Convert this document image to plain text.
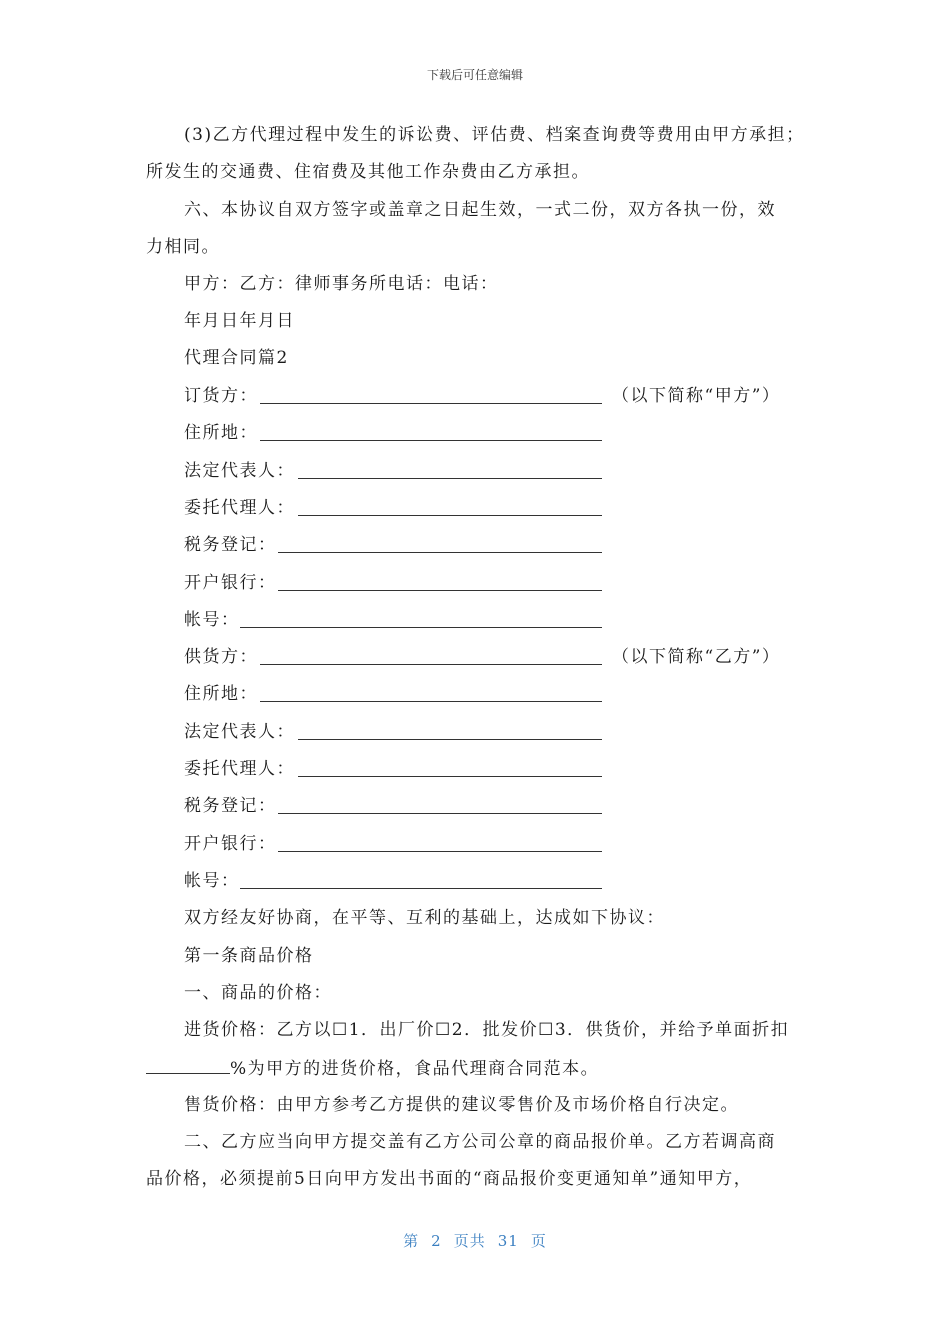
下载后可任意编辑
(3)乙方代理过程中发生的诉讼费、评估费、档案查询费等费用由甲方承担；
所发生的交通费、住宿费及其他工作杂费由乙方承担。
六、本协议自双方签字或盖章之日起生效，一式二份，双方各执一份，效
力相同。
甲方：乙方：律师事务所电话：电话：
年月日年月日
代理合同篇2
订货方：	（以下简称“甲方”）
住所地：
法定代表人：
委托代理人：
税务登记：
开户银行：
帐号：
供货方：	（以下简称“乙方”）
住所地：
法定代表人：
委托代理人：
税务登记：
开户银行：
帐号：
双方经友好协商，在平等、互利的基础上，达成如下协议：
第一条商品价格
一、商品的价格：
进货价格：乙方以☐1．出厂价☐2．批发价☐3．供货价，并给予单面折扣
%为甲方的进货价格，食品代理商合同范本。
售货价格：由甲方参考乙方提供的建议零售价及市场价格自行决定。
二、乙方应当向甲方提交盖有乙方公司公章的商品报价单。乙方若调高商
品价格，必须提前5日向甲方发出书面的“商品报价变更通知单”通知甲方，
第 2 页共 31 页
